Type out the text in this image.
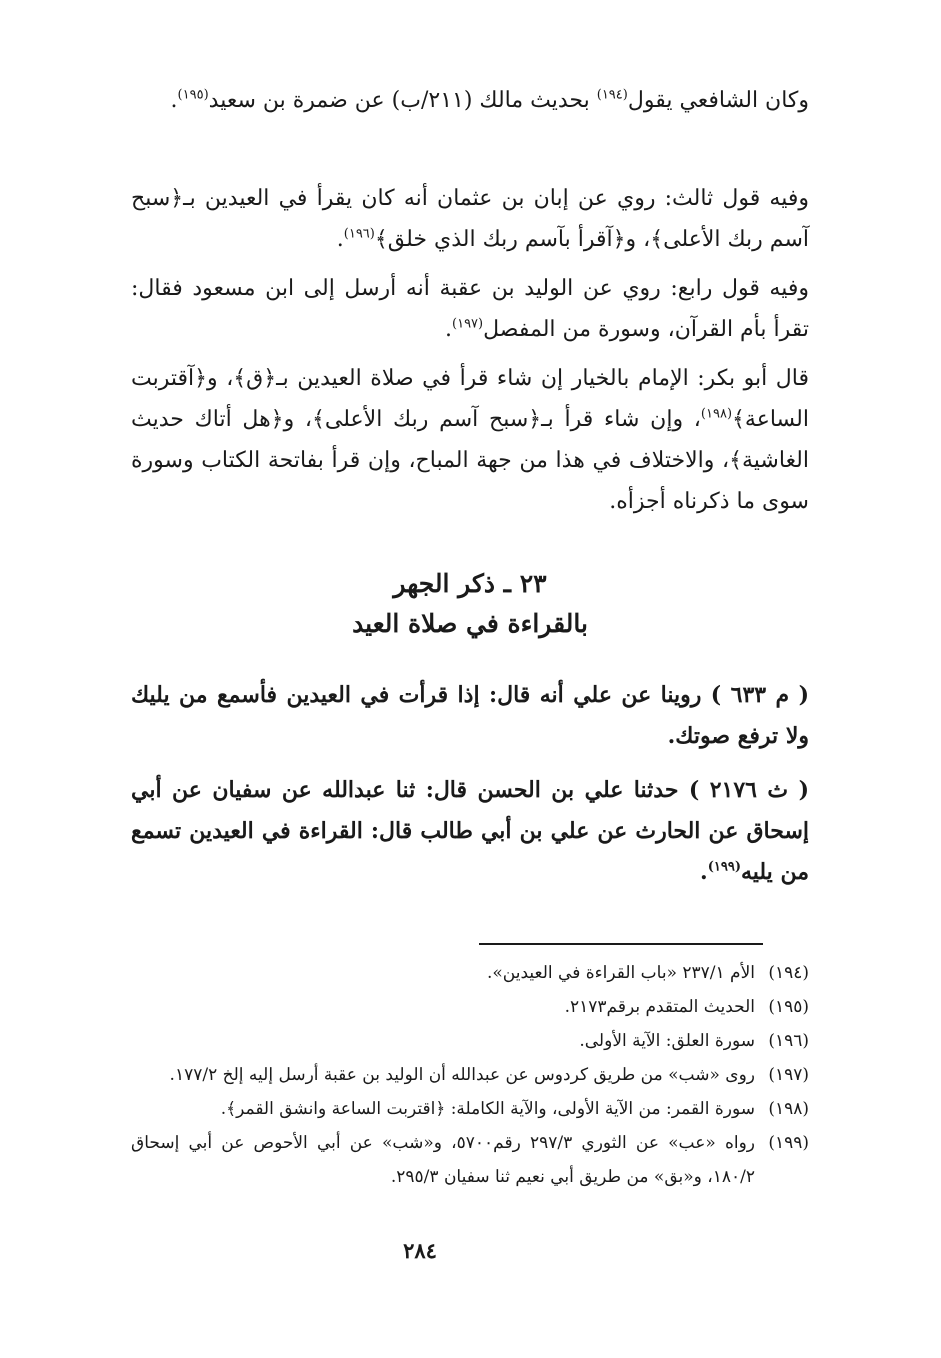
وكان الشافعي يقول$^{(١٩٤)}$ بحديث مالك (٢١١/ب) عن ضمرة بن سعيد$^{(١٩٥)}$.
وفيه قول ثالث: روي عن إبان بن عثمان أنه كان يقرأ في العيدين بـ﴿سبح آسم ربك الأعلى﴾، و﴿آقرأ بآسم ربك الذي خلق﴾$^{(١٩٦)}$.
وفيه قول رابع: روي عن الوليد بن عقبة أنه أرسل إلى ابن مسعود فقال: تقرأ بأم القرآن، وسورة من المفصل$^{(١٩٧)}$.
قال أبو بكر: الإمام بالخيار إن شاء قرأ في صلاة العيدين بـ﴿ق﴾، و﴿آقتربت الساعة﴾$^{(١٩٨)}$، وإن شاء قرأ بـ﴿سبح آسم ربك الأعلى﴾، و﴿هل أتاك حديث الغاشية﴾، والاختلاف في هذا من جهة المباح، وإن قرأ بفاتحة الكتاب وسورة سوى ما ذكرناه أجزأه.
٢٣ ـ ذكر الجهر
بالقراءة في صلاة العيد
( م ٦٣٣ ) روينا عن علي أنه قال: إذا قرأت في العيدين فأسمع من يليك ولا ترفع صوتك.
( ث ٢١٧٦ ) حدثنا علي بن الحسن قال: ثنا عبدالله عن سفيان عن أبي إسحاق عن الحارث عن علي بن أبي طالب قال: القراءة في العيدين تسمع من يليه$^{(١٩٩)}$.
(١٩٤)
الأم ٢٣٧/١ «باب القراءة في العيدين».
(١٩٥)
الحديث المتقدم برقم٢١٧٣.
(١٩٦)
سورة العلق: الآية الأولى.
(١٩٧)
روى «شب» من طريق كردوس عن عبدالله أن الوليد بن عقبة أرسل إليه إلخ ١٧٧/٢.
(١٩٨)
سورة القمر: من الآية الأولى، والآية الكاملة: ﴿اقتربت الساعة وانشق القمر﴾.
(١٩٩)
رواه «عب» عن الثوري ٢٩٧/٣ رقم٥٧٠٠، و«شب» عن أبي الأحوص عن أبي إسحاق ١٨٠/٢، و«بق» من طريق أبي نعيم ثنا سفيان ٢٩٥/٣.
٢٨٤
